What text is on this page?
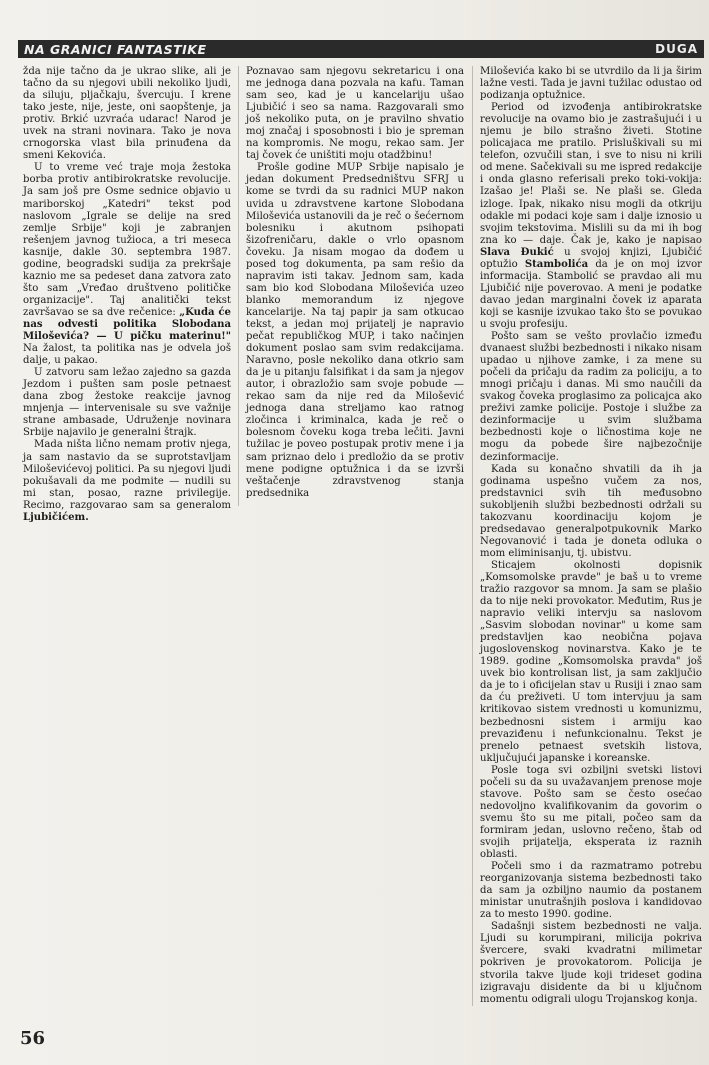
NA GRANICI FANTASTIKE	DUGA

žda nije tačno da je ukrao slike, ali je tačno da su njegovi ubili nekoliko ljudi, da siluju, pljačkaju, švercuju. I krene tako jeste, nije, jeste, oni saopštenje, ja protiv. Brkić uzvraća udarac! Narod je uvek na strani novinara. Tako je nova crnogorska vlast bila prinuđena da smeni Kekovića.

U to vreme već traje moja žestoka borba protiv antibirokratske revolucije. Ja sam još pre Osme sednice objavio u mariborskoj „Katedri" tekst pod naslovom „Igrale se delije na sred zemlje Srbije" koji je zabranjen rešenjem javnog tužioca, a tri meseca kasnije, dakle 30. septembra 1987. godine, beogradski sudija za prekršaje kaznio me sa pedeset dana zatvora zato što sam „Vređao društveno političke organizacije". Taj analitički tekst završavao se sa dve rečenice: „Kuda će nas odvesti politika Slobodana Miloševića? — U pičku materinu!" Na žalost, ta politika nas je odvela još dalje, u pakao.

U zatvoru sam ležao zajedno sa gazda Jezdom i pušten sam posle petnaest dana zbog žestoke reakcije javnog mnjenja — intervenisale su sve važnije strane ambasade, Udruženje novinara Srbije najavilo je generalni štrajk.

Mada ništa lično nemam protiv njega, ja sam nastavio da se suprotstavljam Miloševićevoj politici. Pa su njegovi ljudi pokušavali da me podmite — nudili su mi stan, posao, razne privilegije. Recimo, razgovarao sam sa generalom Ljubičićem.

Poznavao sam njegovu sekretaricu i ona me jednoga dana pozvala na kafu. Taman sam seo, kad je u kancelariju ušao Ljubičić i seo sa nama. Razgovarali smo još nekoliko puta, on je pravilno shvatio moj značaj i sposobnosti i bio je spreman na kompromis. Ne mogu, rekao sam. Jer taj čovek će uništiti moju otadžbinu!

Prošle godine MUP Srbije napisalo je jedan dokument Predsedništvu SFRJ u kome se tvrdi da su radnici MUP nakon uvida u zdravstvene kartone Slobodana Miloševića ustanovili da je reč o šećernom bolesniku i akutnom psihopati šizofreničaru, dakle o vrlo opasnom čoveku. Ja nisam mogao da dođem u posed tog dokumenta, pa sam rešio da napravim isti takav. Jednom sam, kada sam bio kod Slobodana Miloševića uzeo blanko memorandum iz njegove kancelarije. Na taj papir ja sam otkucao tekst, a jedan moj prijatelj je napravio pečat republičkog MUP, i tako načinjen dokument poslao sam svim redakcijama. Naravno, posle nekoliko dana otkrio sam da je u pitanju falsifikat i da sam ja njegov autor, i obrazložio sam svoje pobude — rekao sam da nije red da Milošević jednoga dana streljamo kao ratnog zločinca i kriminalca, kada je reč o bolesnom čoveku koga treba lečiti. Javni tužilac je poveo postupak protiv mene i ja sam priznao delo i predložio da se protiv mene podigne optužnica i da se izvrši veštačenje zdravstvenog stanja predsednika

Miloševića kako bi se utvrdilo da li ja širim lažne vesti. Tada je javni tužilac odustao od podizanja optužnice.

Period od izvođenja antibirokratske revolucije na ovamo bio je zastrašujući i u njemu je bilo strašno živeti. Stotine policajaca me pratilo. Prisluškivali su mi telefon, ozvučili stan, i sve to nisu ni krili od mene. Sačekivali su me ispred redakcije i onda glasno referisali preko toki-vokija: Izašao je! Plaši se. Ne plaši se. Gleda izloge. Ipak, nikako nisu mogli da otkriju odakle mi podaci koje sam i dalje iznosio u svojim tekstovima. Mislili su da mi ih bog zna ko — daje. Čak je, kako je napisao Slava Đukić u svojoj knjizi, Ljubičić optužio Stambolića da je on moj izvor informacija. Stambolić se pravdao ali mu Ljubičić nije poverovao. A meni je podatke davao jedan marginalni čovek iz aparata koji se kasnije izvukao tako što se povukao u svoju profesiju.

Pošto sam se vešto provlačio između dvanaest službi bezbednosti i nikako nisam upadao u njihove zamke, i za mene su počeli da pričaju da radim za policiju, a to mnogi pričaju i danas. Mi smo naučili da svakog čoveka proglasimo za policajca ako preživi zamke policije. Postoje i službe za dezinformacije u svim službama bezbednosti koje o ličnostima koje ne mogu da pobede šire najbezočnije dezinformacije.

Kada su konačno shvatili da ih ja godinama uspešno vučem za nos, predstavnici svih tih međusobno sukobljenih službi bezbednosti održali su takozvanu koordinaciju kojom je predsedavao generalpotpukovnik Marko Negovanović i tada je doneta odluka o mom eliminisanju, tj. ubistvu.

Sticajem okolnosti dopisnik „Komsomolske pravde" je baš u to vreme tražio razgovor sa mnom. Ja sam se plašio da to nije neki provokator. Međutim, Rus je napravio veliki intervju sa naslovom „Sasvim slobodan novinar" u kome sam predstavljen kao neobična pojava jugoslovenskog novinarstva. Kako je te 1989. godine „Komsomolska pravda" još uvek bio kontrolisan list, ja sam zaključio da je to i oficijelan stav u Rusiji i znao sam da ću preživeti. U tom intervjuu ja sam kritikovao sistem vrednosti u komunizmu, bezbednosni sistem i armiju kao prevaziđenu i nefunkcionalnu. Tekst je prenelo petnaest svetskih listova, uključujući japanske i koreanske.

Posle toga svi ozbiljni svetski listovi počeli su da su uvažavanjem prenose moje stavove. Pošto sam se često osećao nedovoljno kvalifikovanim da govorim o svemu što su me pitali, počeo sam da formiram jedan, uslovno rečeno, štab od svojih prijatelja, eksperata iz raznih oblasti.

Počeli smo i da razmatramo potrebu reorganizovanja sistema bezbednosti tako da sam ja ozbiljno naumio da postanem ministar unutrašnjih poslova i kandidovao za to mesto 1990. godine.

Sadašnji sistem bezbednosti ne valja. Ljudi su korumpirani, milicija pokriva švercere, svaki kvadratni milimetar pokriven je provokatorom. Policija je stvorila takve ljude koji trideset godina izigravaju disidente da bi u ključnom momentu odigrali ulogu Trojanskog konja.

56
